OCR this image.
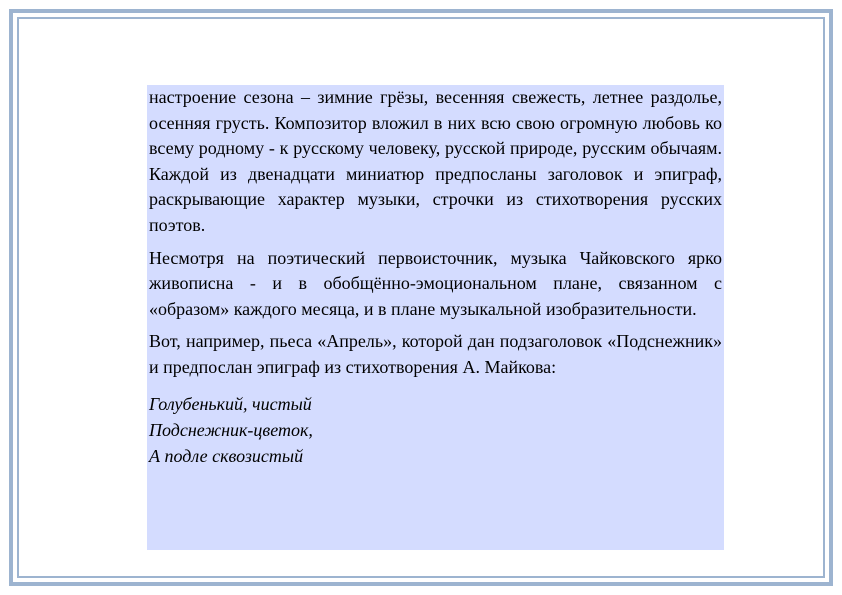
настроение сезона – зимние грёзы, весенняя свежесть, летнее раздолье, осенняя грусть. Композитор вложил в них всю свою огромную любовь ко всему родному - к русскому человеку, русской природе, русским обычаям. Каждой из двенадцати миниатюр предпосланы заголовок и эпиграф, раскрывающие характер музыки, строчки из стихотворения русских поэтов.

Несмотря на поэтический первоисточник, музыка Чайковского ярко живописна - и в обобщённо-эмоциональном плане, связанном с «образом» каждого месяца, и в плане музыкальной изобразительности.

Вот, например, пьеса «Апрель», которой дан подзаголовок «Подснежник» и предпослан эпиграф из стихотворения А. Майкова:

Голубенький, чистый
Подснежник-цветок,
А подле сквозистый
